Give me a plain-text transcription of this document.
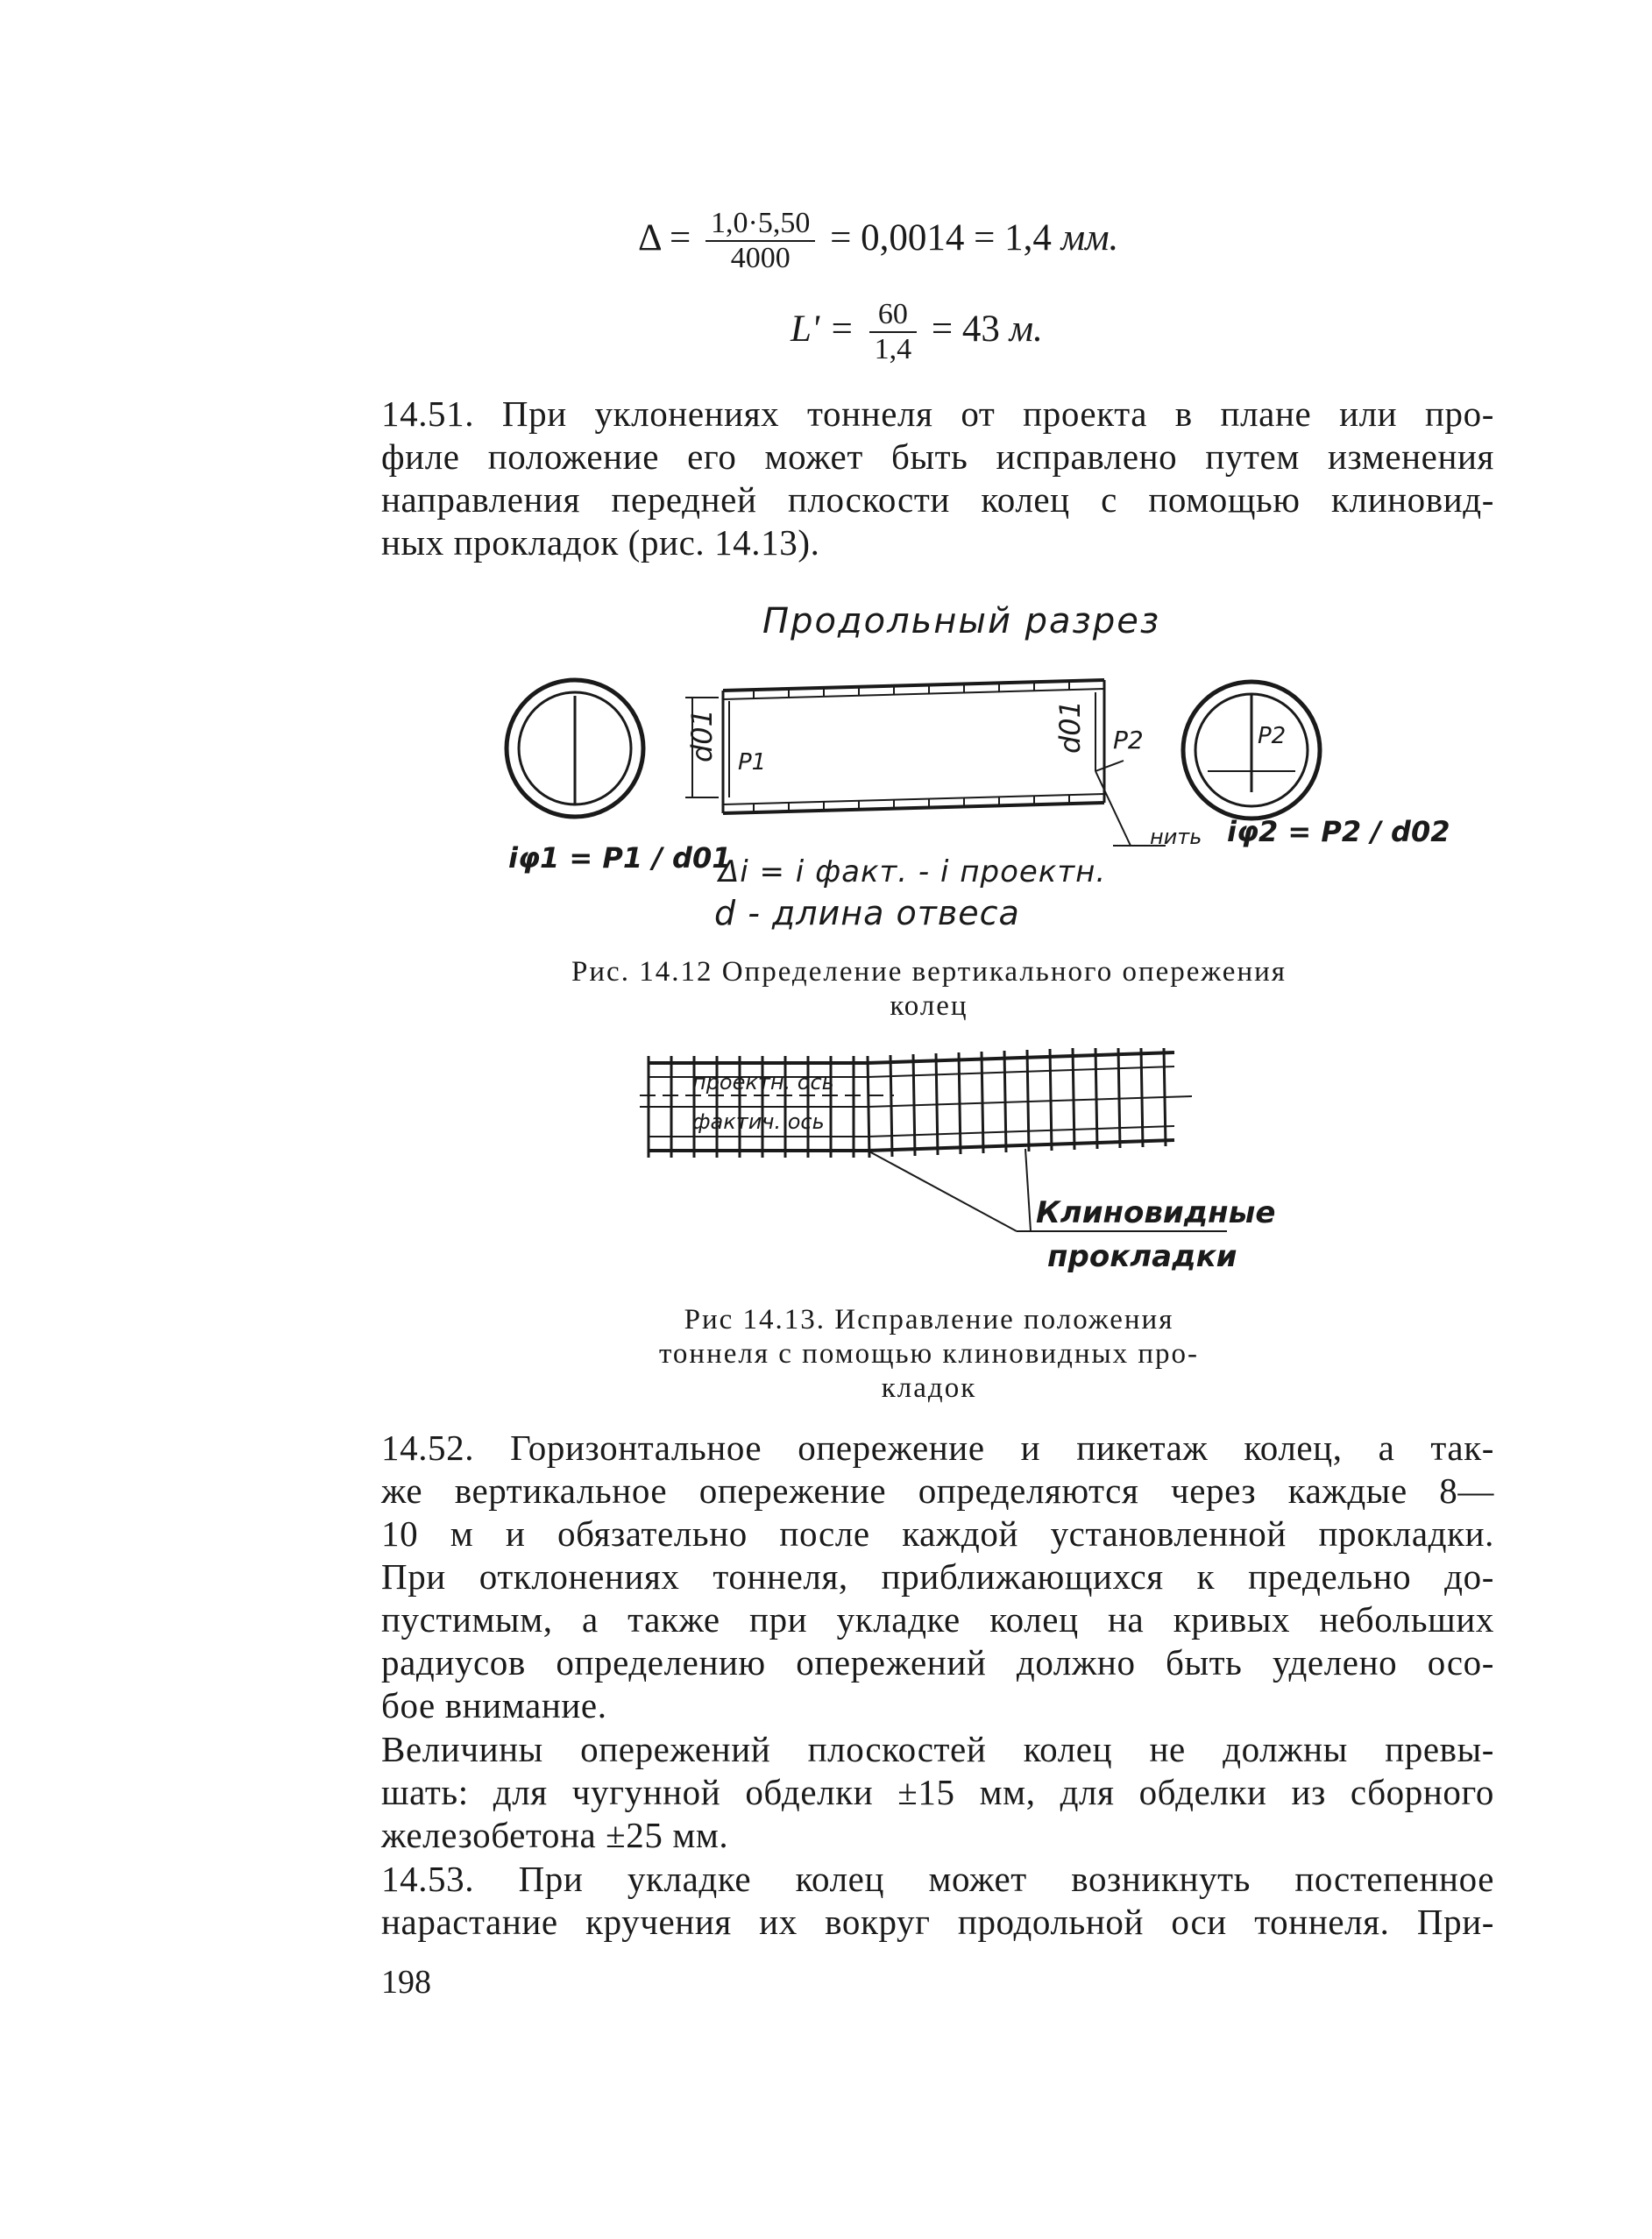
$\Delta = \frac{1,0\cdot 5,50}{4000} = 0,0014 = 1,4$ мм.
$L' = \frac{60}{1,4} = 43$ м.
14.51. При уклонениях тоннеля от проекта в плане или про-
филе положение его может быть исправлено путем изменения
направления передней плоскости колец с помощью клиновид-
ных прокладок (рис. 14.13).
Продольный разрез
d01	d01
P1
P2	P2
нить
iφ1 = P1 / d01
iφ2 = P2 / d02
Δi = i факт. - i проектн.
d - длина отвеса
Рис. 14.12 Определение вертикального опережения
колец
проектн. ось
фактич. ось
Клиновидные
прокладки
Рис 14.13. Исправление положения
тоннеля с помощью клиновидных про-
кладок
14.52. Горизонтальное опережение и пикетаж колец, а так-
же вертикальное опережение определяются через каждые 8—
10 м и обязательно после каждой установленной прокладки.
При отклонениях тоннеля, приближающихся к предельно до-
пустимым, а также при укладке колец на кривых небольших
радиусов определению опережений должно быть уделено осо-
бое внимание.
Величины опережений плоскостей колец не должны превы-
шать: для чугунной обделки ±15 мм, для обделки из сборного
железобетона ±25 мм.
14.53. При укладке колец может возникнуть постепенное
нарастание кручения их вокруг продольной оси тоннеля. При-
198
